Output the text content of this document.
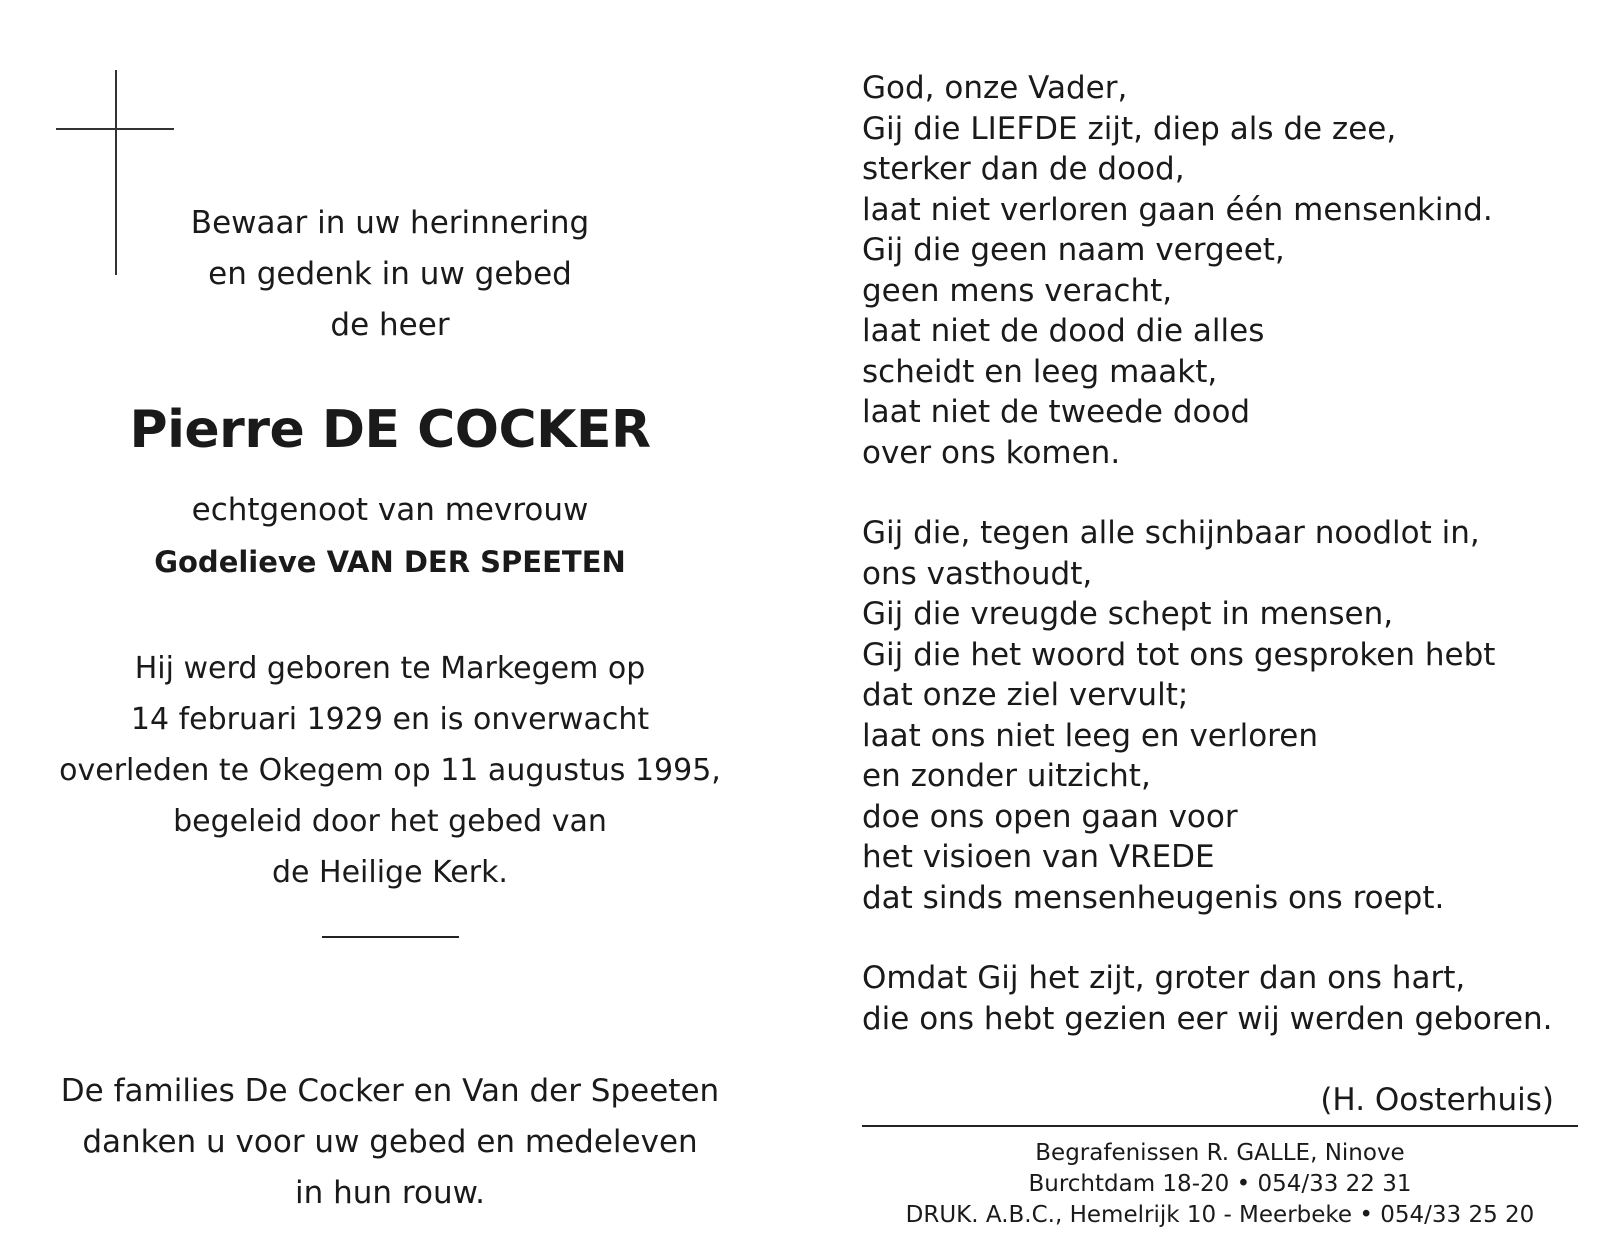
Bewaar in uw herinnering
en gedenk in uw gebed
de heer
Pierre DE COCKER
echtgenoot van mevrouw
Godelieve VAN DER SPEETEN
Hij werd geboren te Markegem op
14 februari 1929 en is onverwacht
overleden te Okegem op 11 augustus 1995,
begeleid door het gebed van
de Heilige Kerk.
De families De Cocker en Van der Speeten
danken u voor uw gebed en medeleven
in hun rouw.
God, onze Vader,
Gij die LIEFDE zijt, diep als de zee,
sterker dan de dood,
laat niet verloren gaan één mensenkind.
Gij die geen naam vergeet,
geen mens veracht,
laat niet de dood die alles
scheidt en leeg maakt,
laat niet de tweede dood
over ons komen.
Gij die, tegen alle schijnbaar noodlot in,
ons vasthoudt,
Gij die vreugde schept in mensen,
Gij die het woord tot ons gesproken hebt
dat onze ziel vervult;
laat ons niet leeg en verloren
en zonder uitzicht,
doe ons open gaan voor
het visioen van VREDE
dat sinds mensenheugenis ons roept.
Omdat Gij het zijt, groter dan ons hart,
die ons hebt gezien eer wij werden geboren.
(H. Oosterhuis)
Begrafenissen R. GALLE, Ninove
Burchtdam 18-20 • 054/33 22 31
DRUK. A.B.C., Hemelrijk 10 - Meerbeke • 054/33 25 20
